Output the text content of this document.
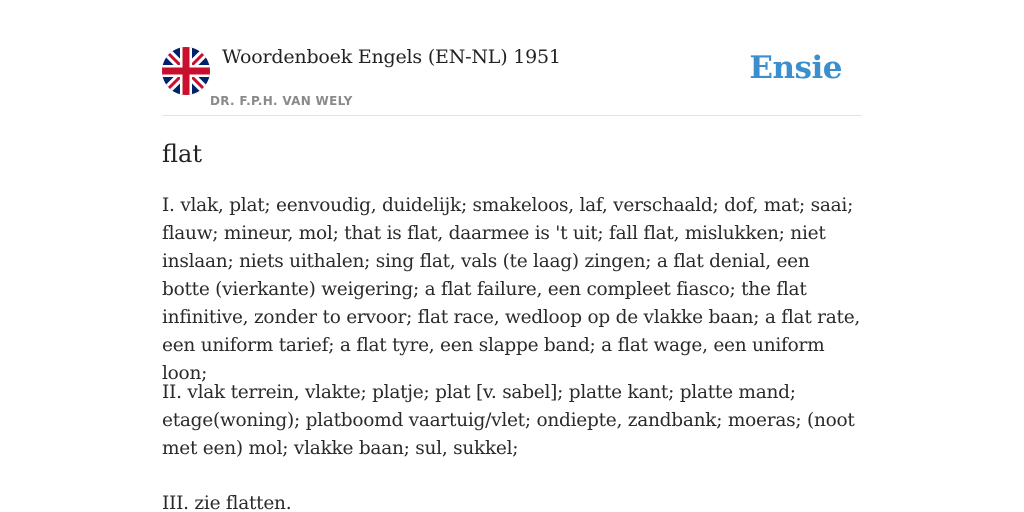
Woordenboek Engels (EN-NL) 1951
DR. F.P.H. VAN WELY
Ensie
flat

I. vlak, plat; eenvoudig, duidelijk; smakeloos, laf, verschaald; dof, mat; saai; flauw; mineur, mol; that is flat, daarmee is 't uit; fall flat, mislukken; niet inslaan; niets uithalen; sing flat, vals (te laag) zingen; a flat denial, een botte (vierkante) weigering; a flat failure, een compleet fiasco; the flat infinitive, zonder to ervoor; flat race, wedloop op de vlakke baan; a flat rate, een uniform tarief; a flat tyre, een slappe band; a flat wage, een uniform loon;

II. vlak terrein, vlakte; platje; plat [v. sabel]; platte kant; platte mand; etage(woning); platboomd vaartuig/vlet; ondiepte, zandbank; moeras; (noot met een) mol; vlakke baan; sul, sukkel;

III. zie flatten.
